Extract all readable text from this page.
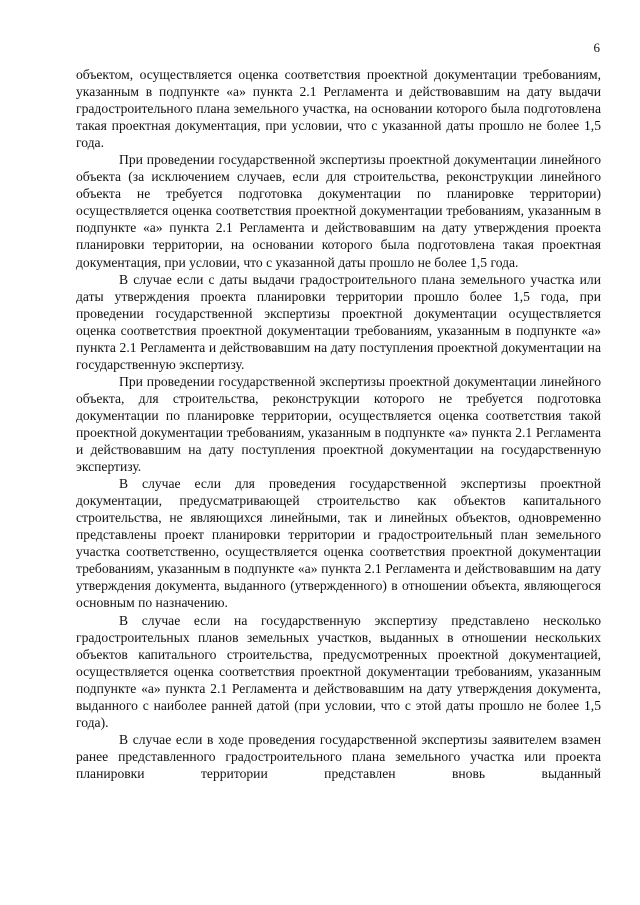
6

объектом, осуществляется оценка соответствия проектной документации требованиям, указанным в подпункте «а» пункта 2.1 Регламента и действовавшим на дату выдачи градостроительного плана земельного участка, на основании которого была подготовлена такая проектная документация, при условии, что с указанной даты прошло не более 1,5 года.

При проведении государственной экспертизы проектной документации линейного объекта (за исключением случаев, если для строительства, реконструкции линейного объекта не требуется подготовка документации по планировке территории) осуществляется оценка соответствия проектной документации требованиям, указанным в подпункте «а» пункта 2.1 Регламента и действовавшим на дату утверждения проекта планировки территории, на основании которого была подготовлена такая проектная документация, при условии, что с указанной даты прошло не более 1,5 года.

В случае если с даты выдачи градостроительного плана земельного участка или даты утверждения проекта планировки территории прошло более 1,5 года, при проведении государственной экспертизы проектной документации осуществляется оценка соответствия проектной документации требованиям, указанным в подпункте «а» пункта 2.1 Регламента и действовавшим на дату поступления проектной документации на государственную экспертизу.

При проведении государственной экспертизы проектной документации линейного объекта, для строительства, реконструкции которого не требуется подготовка документации по планировке территории, осуществляется оценка соответствия такой проектной документации требованиям, указанным в подпункте «а» пункта 2.1 Регламента и действовавшим на дату поступления проектной документации на государственную экспертизу.

В случае если для проведения государственной экспертизы проектной документации, предусматривающей строительство как объектов капитального строительства, не являющихся линейными, так и линейных объектов, одновременно представлены проект планировки территории и градостроительный план земельного участка соответственно, осуществляется оценка соответствия проектной документации требованиям, указанным в подпункте «а» пункта 2.1 Регламента и действовавшим на дату утверждения документа, выданного (утвержденного) в отношении объекта, являющегося основным по назначению.

В случае если на государственную экспертизу представлено несколько градостроительных планов земельных участков, выданных в отношении нескольких объектов капитального строительства, предусмотренных проектной документацией, осуществляется оценка соответствия проектной документации требованиям, указанным подпункте «а» пункта 2.1 Регламента и действовавшим на дату утверждения документа, выданного с наиболее ранней датой (при условии, что с этой даты прошло не более 1,5 года).

В случае если в ходе проведения государственной экспертизы заявителем взамен ранее представленного градостроительного плана земельного участка или проекта планировки территории представлен вновь выданный
